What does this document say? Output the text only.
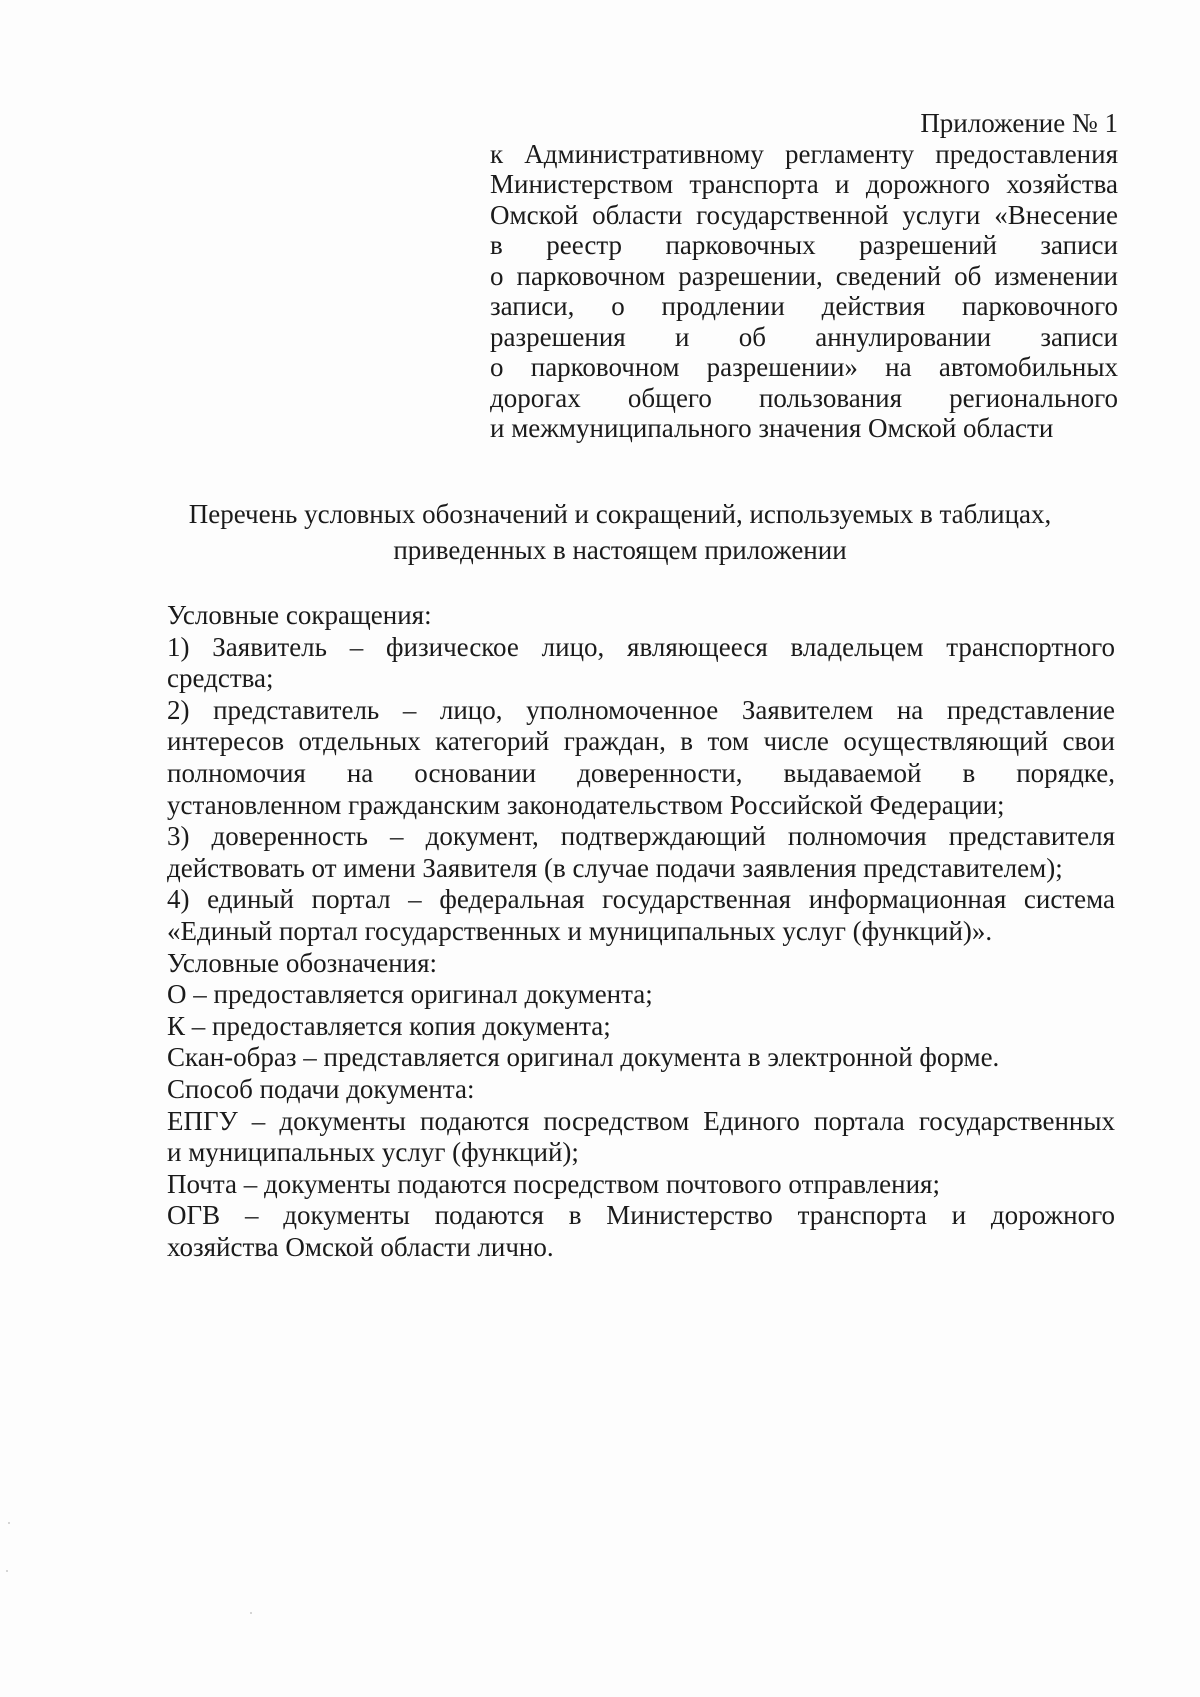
Приложение № 1

к Административному регламенту предоставления

Министерством транспорта и дорожного хозяйства

Омской области государственной услуги «Внесение

в реестр парковочных разрешений записи

о парковочном разрешении, сведений об изменении

записи, о продлении действия парковочного

разрешения и об аннулировании записи

о парковочном разрешении» на автомобильных

дорогах общего пользования регионального

и межмуниципального значения Омской области

Перечень условных обозначений и сокращений, используемых в таблицах,
приведенных в настоящем приложении

Условные сокращения:

1) Заявитель – физическое лицо, являющееся владельцем транспортного

средства;

2) представитель – лицо, уполномоченное Заявителем на представление

интересов отдельных категорий граждан, в том числе осуществляющий свои

полномочия на основании доверенности, выдаваемой в порядке,

установленном гражданским законодательством Российской Федерации;

3) доверенность – документ, подтверждающий полномочия представителя

действовать от имени Заявителя (в случае подачи заявления представителем);

4) единый портал – федеральная государственная информационная система

«Единый портал государственных и муниципальных услуг (функций)».

Условные обозначения:

О – предоставляется оригинал документа;

К – предоставляется копия документа;

Скан-образ – представляется оригинал документа в электронной форме.

Способ подачи документа:

ЕПГУ – документы подаются посредством Единого портала государственных

и муниципальных услуг (функций);

Почта – документы подаются посредством почтового отправления;

ОГВ – документы подаются в Министерство транспорта и дорожного

хозяйства Омской области лично.
